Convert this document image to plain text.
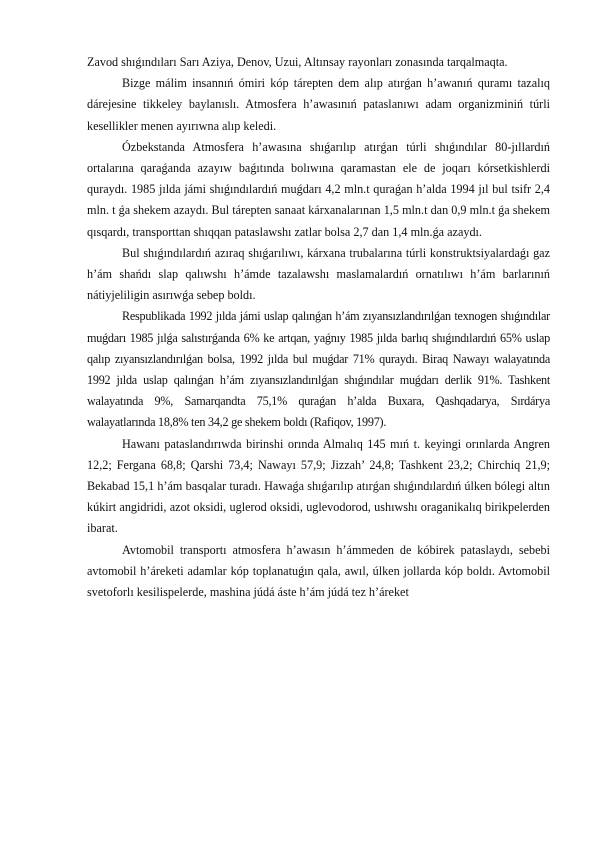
Zavod shıǵındıları Sarı Aziya, Denov, Uzui, Altınsay rayonları zonasında tarqalmaqta.

Bizge málim insannıń ómiri kóp tárepten dem alıp atırǵan h’awanıń quramı tazalıq dárejesine tikkeley baylanıslı. Atmosfera h’awasınıń pataslanıwı adam organizminiń túrli kesellikler menen ayırıwna alıp keledi.

Ózbekstanda Atmosfera h’awasına shıǵarılıp atırǵan túrli shıǵındılar 80-jıllardıń ortalarına qaraǵanda azayıw baǵıtında bolıwına qaramastan ele de joqarı kórsetkishlerdi quraydı. 1985 jılda jámi shıǵındılardıń muǵdarı 4,2 mln.t quraǵan h’alda 1994 jıl bul tsifr 2,4 mln. t ǵa shekem azaydı. Bul tárepten sanaat kárxanalarınan 1,5 mln.t dan 0,9 mln.t ǵa shekem qısqardı, transporttan shıqqan pataslawshı zatlar bolsa 2,7 dan 1,4 mln.ǵa azaydı.

Bul shıǵındılardıń azıraq shıǵarılıwı, kárxana trubalarına túrli konstruktsiyalardaǵı gaz h’ám shańdı slap qalıwshı h’ámde tazalawshı maslamalardıń ornatılıwı h’ám barlarınıń nátiyjeliligin asırıwǵa sebep boldı.

Respublikada 1992 jılda jámi uslap qalınǵan h’ám zıyansızlandırılǵan texnogen shıǵındılar muǵdarı 1985 jılǵa salıstırǵanda 6% ke artqan, yaǵnıy 1985 jılda barlıq shıǵındılardıń 65% uslap qalıp zıyansızlandırılǵan bolsa, 1992 jılda bul muǵdar 71% quraydı. Biraq Nawayı walayatında 1992 jılda uslap qalınǵan h’ám zıyansızlandırılǵan shıǵındılar muǵdarı derlik 91%. Tashkent walayatında 9%, Samarqandta 75,1% quraǵan h’alda Buxara, Qashqadarya, Sırdárya walayatlarında 18,8% ten 34,2 ge shekem boldı (Rafiqov, 1997).

Hawanı pataslandırıwda birinshi orında Almalıq 145 mıń t. keyingi orınlarda Angren 12,2; Fergana 68,8; Qarshi 73,4; Nawayı 57,9; Jizzah’ 24,8; Tashkent 23,2; Chirchiq 21,9; Bekabad 15,1 h’ám basqalar turadı. Hawaǵa shıǵarılıp atırǵan shıǵındılardıń úlken bólegi altın kúkirt angidridi, azot oksidi, uglerod oksidi, uglevodorod, ushıwshı oraganikalıq birikpelerden ibarat.

Avtomobil transportı atmosfera h’awasın h’ámmeden de kóbirek pataslaydı, sebebi avtomobil h’áreketi adamlar kóp toplanatuǵın qala, awıl, úlken jollarda kóp boldı. Avtomobil svetoforlı kesilispelerde, mashina júdá áste h’ám júdá tez h’áreket
